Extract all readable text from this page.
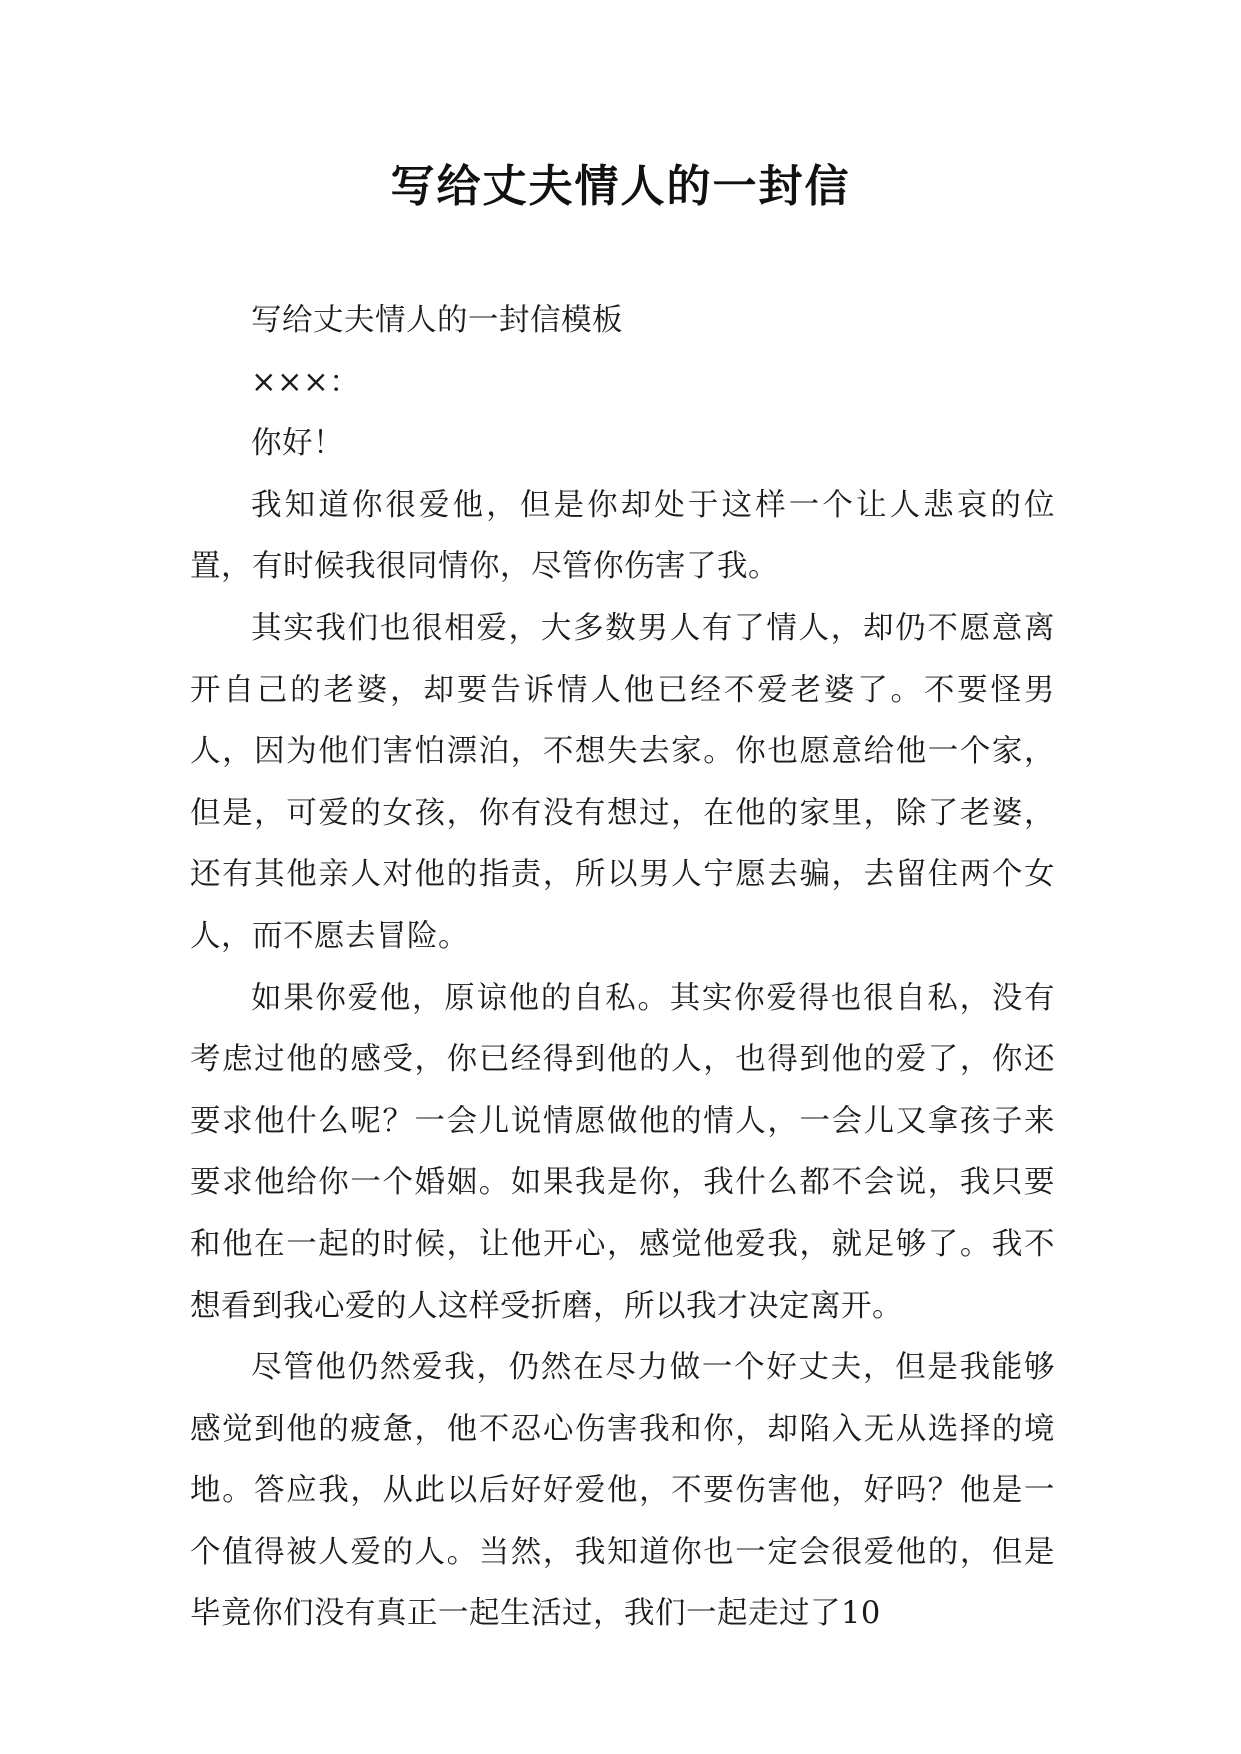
写给丈夫情人的一封信

写给丈夫情人的一封信模板

×××：

你好！

我知道你很爱他，但是你却处于这样一个让人悲哀的位置，有时候我很同情你，尽管你伤害了我。

其实我们也很相爱，大多数男人有了情人，却仍不愿意离开自己的老婆，却要告诉情人他已经不爱老婆了。不要怪男人，因为他们害怕漂泊，不想失去家。你也愿意给他一个家，但是，可爱的女孩，你有没有想过，在他的家里，除了老婆，还有其他亲人对他的指责，所以男人宁愿去骗，去留住两个女人，而不愿去冒险。

如果你爱他，原谅他的自私。其实你爱得也很自私，没有考虑过他的感受，你已经得到他的人，也得到他的爱了，你还要求他什么呢？一会儿说情愿做他的情人，一会儿又拿孩子来要求他给你一个婚姻。如果我是你，我什么都不会说，我只要和他在一起的时候，让他开心，感觉他爱我，就足够了。我不想看到我心爱的人这样受折磨，所以我才决定离开。

尽管他仍然爱我，仍然在尽力做一个好丈夫，但是我能够感觉到他的疲惫，他不忍心伤害我和你，却陷入无从选择的境地。答应我，从此以后好好爱他，不要伤害他，好吗？他是一个值得被人爱的人。当然，我知道你也一定会很爱他的，但是毕竟你们没有真正一起生活过，我们一起走过了10
